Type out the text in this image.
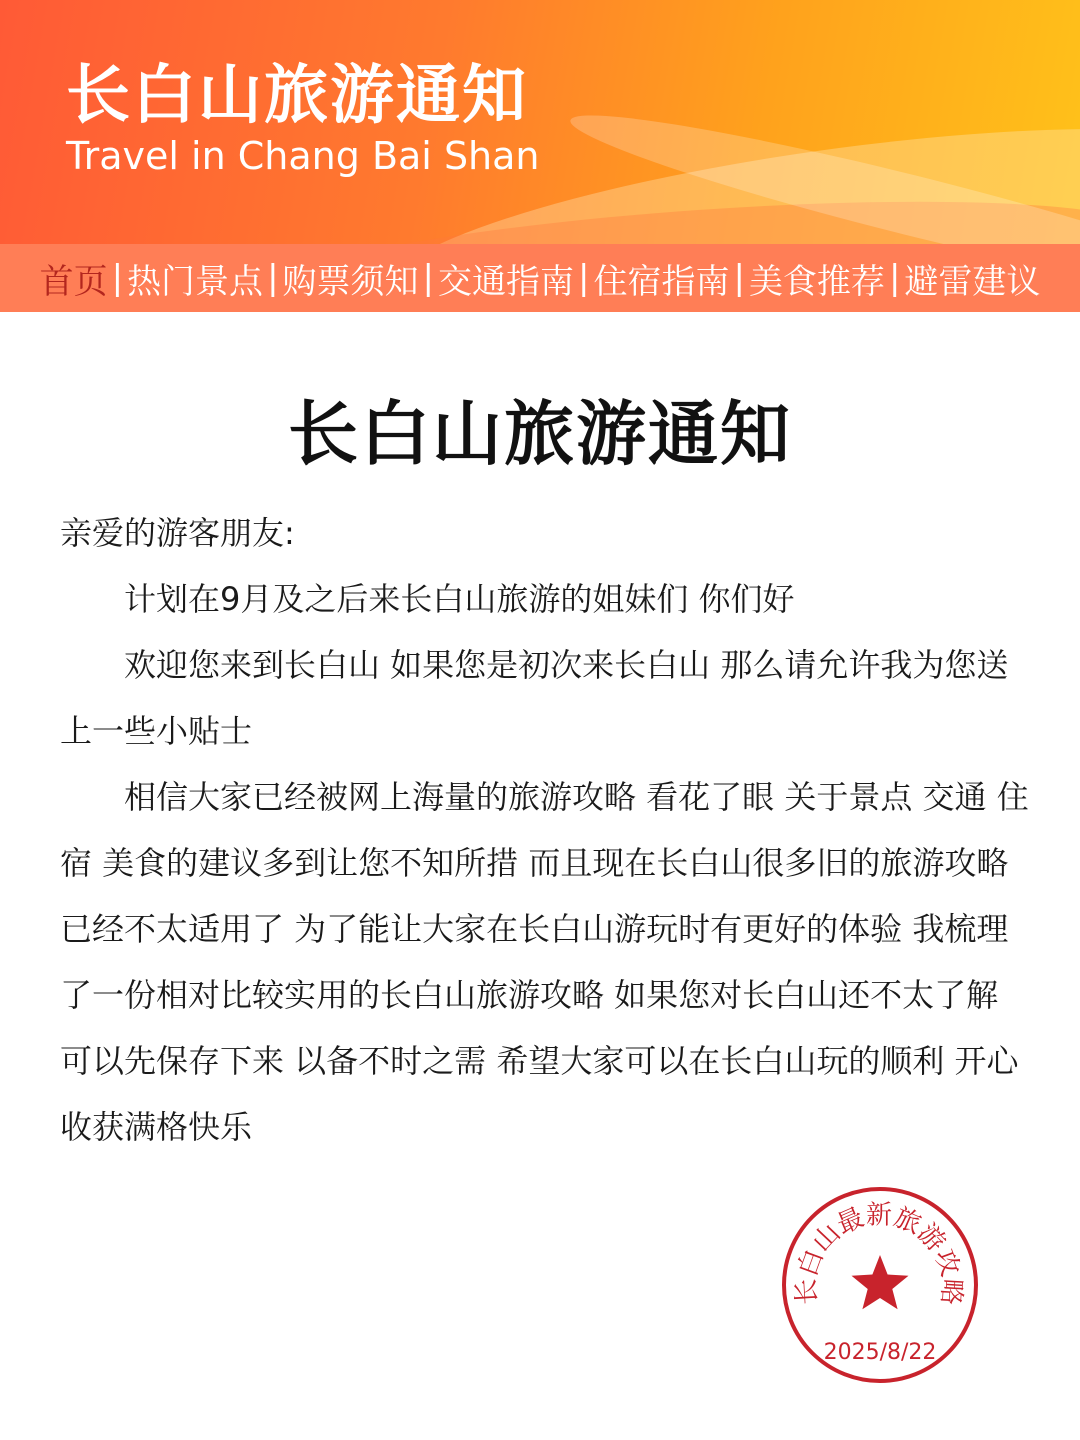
长白山旅游通知
Travel in Chang Bai Shan
首页 | 热门景点 | 购票须知 | 交通指南 | 住宿指南 | 美食推荐 | 避雷建议
长白山旅游通知

亲爱的游客朋友:

计划在9月及之后来长白山旅游的姐妹们 你们好

欢迎您来到长白山 如果您是初次来长白山 那么请允许我为您送上一些小贴士

相信大家已经被网上海量的旅游攻略 看花了眼 关于景点 交通 住宿 美食的建议多到让您不知所措 而且现在长白山很多旧的旅游攻略已经不太适用了 为了能让大家在长白山游玩时有更好的体验 我梳理了一份相对比较实用的长白山旅游攻略 如果您对长白山还不太了解 可以先保存下来 以备不时之需 希望大家可以在长白山玩的顺利 开心 收获满格快乐

长白山最新旅游攻略
2025/8/22
